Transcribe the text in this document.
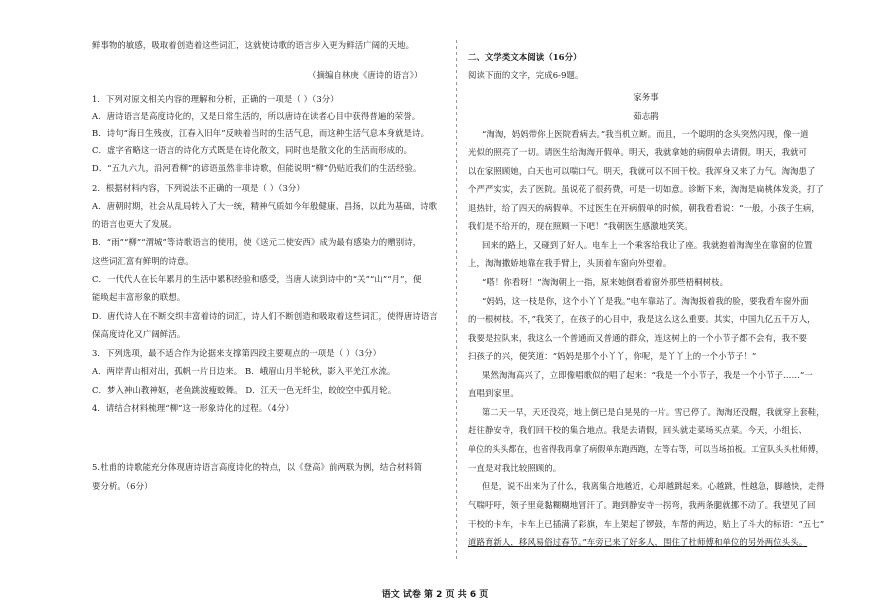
鲜事物的敏感，吸取着创造着这些词汇，这就使诗歌的语言步入更为鲜活广阔的天地。
（摘编自林庚《唐诗的语言》）
1．下列对原文相关内容的理解和分析，正确的一项是（ ）（3分）
A．唐诗语言是高度诗化的，又是日常生活的，所以唐诗在读者心目中获得普遍的荣誉。
B．诗句“海日生残夜，江春入旧年”反映着当时的生活气息，而这种生活气息本身就是诗。
C．虚字省略这一语言的诗化方式既是在诗化散文，同时也是散文化的生活而形成的。
D．“五九六九，沿河看柳”的谚语虽然非非诗歌，但能说明“柳”仍贴近我们的生活经验。
2．根据材料内容，下列说法不正确的一项是（ ）（3分）
A．唐朝时期，社会从乱局转入了大一统，精神气质如今年般健康、昌扬，以此为基础，诗歌
的语言也更大了发展。
B．“雨”“柳”“渭城”等诗歌语言的使用，使《送元二使安西》成为最有感染力的赠别诗，
这些词汇富有鲜明的诗意。
C．一代代人在长年累月的生活中累积经验和感受，当唐人读到诗中的“关”“山”“月”，便
能唤起丰富形象的联想。
D．唐代诗人在不断交织丰富着诗的词汇，诗人们不断创造和吸取着这些词汇，使得唐诗语言
保高度诗化又广阔鲜活。
3．下列选项，最不适合作为论据来支撑第四段主要观点的一项是（ ）（3分）
A．两岸青山相对出，孤帆一片日边来。 B．峨眉山月半轮秋，影入平羌江水流。
C．梦入神山教神妪，老鱼跳波瘦蛟舞。 D．江天一色无纤尘，皎皎空中孤月轮。
4．请结合材料梳理“柳”这一形象诗化的过程。（4分）
5.杜甫的诗歌能充分体现唐诗语言高度诗化的特点，以《登高》前两联为例，结合材料简
要分析。（6分）
二、文学类文本阅读（16分）
阅读下面的文字，完成6-9题。
家务事
茹志鹃
“淘淘，妈妈带你上医院看病去。”我当机立断。而且，一个聪明的念头突然闪现，像一道
光似的照亮了一切。请医生给淘淘开假单。明天，我就拿她的病假单去请假。明天，我就可
以在家照顾她，白天也可以喘口气。明天，我就可以不回干校。我浑身又来了力气。淘淘患了
个严严实实，去了医院。虽说花了很药费，可是一切如意。诊断下来，淘淘是扁桃体发炎，打了
退热针，给了四天的病假单。不过医生在开病假单的时候，朝我看看说：“一般，小孩子生病，
我们是不给开的，现在照顾一下吧！”我朝医生感激地笑笑。
回来的路上，又碰到了好人。电车上一个乘客给我让了座。我就抱着淘淘坐在靠窗的位置
上，淘淘撒娇地靠在我手臂上，头顶着车窗向外望着。
“嗒！你看呀！”淘淘朝上一指，原来她倒看着窗外那些梧桐树枝。
“妈妈，这一枝是你，这个小丫丫是我。”电车靠站了。淘淘扳着我的脸，要我看车窗外面
的一根树枝。不，”我笑了，在孩子的心目中，我是这么这么重要。其实，中国九亿五千万人，
我要是拉队来，我这么一个普通而又普通的群众，连这树上的一个小节子都不会有，我不要
扫孩子的兴，便笑道：“妈妈是那个小丫丫，你呢，是丫丫上的一个小节子！”
果然淘淘高兴了，立即像唱歌似的唱了起来：“我是一个小节子，我是一个小节子……”一
直唱到家里。
第二天一早，天还没亮，地上倒已是白晃晃的一片。雪已停了。淘淘还没醒，我就穿上套鞋，
赶往静安寺，我们回干校的集合地点。我是去请假，回头就走菜场买点菜。今天，小组长、
单位的头头都在，也省得我再拿了病假单东跑西跑，左等右等，可以当场拍板。工宣队头头杜师傅，
一直是对我比较照顾的。
但是，说不出来为了什么，我离集合地越近，心却越跳起来。心越跳，性越急，脚越快，走得
气喘吁吁，领子里竟黏糊糊地冒汗了。跑到静安寺一拐弯，我两条腿就挪不动了。我望见了回
干校的卡车，卡车上已插满了彩旗，车上架起了锣鼓，车帮的两边，贴上了斗大的标语：“五七”
道路育新人，移风易俗过春节。”车旁已来了好多人，围住了杜师傅和单位的另外两位头头。
语文 试卷 第 2 页 共 6 页
